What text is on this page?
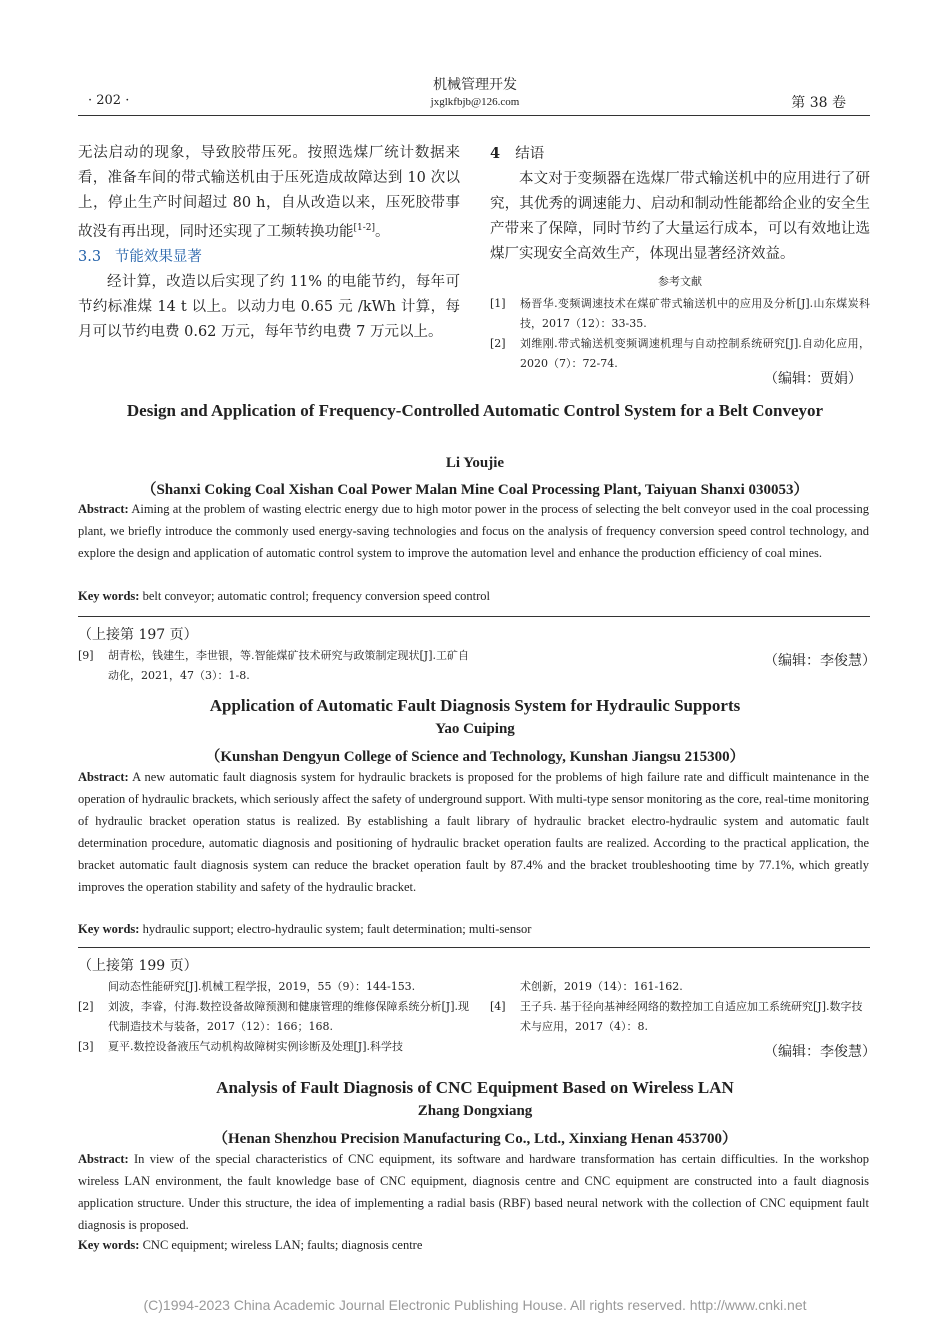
· 202 ·
机械管理开发
jxglkfbjb@126.com	第 38 卷

无法启动的现象，导致胶带压死。按照选煤厂统计数据来看，准备车间的带式输送机由于压死造成故障达到 10 次以上，停止生产时间超过 80 h，自从改造以来，压死胶带事故没有再出现，同时还实现了工频转换功能[1-2]。

3.3 节能效果显著

经计算，改造以后实现了约 11% 的电能节约，每年可节约标准煤 14 t 以上。以动力电 0.65 元 /kWh 计算，每月可以节约电费 0.62 万元，每年节约电费 7 万元以上。

4 结语

本文对于变频器在选煤厂带式输送机中的应用进行了研究，其优秀的调速能力、启动和制动性能都给企业的安全生产带来了保障，同时节约了大量运行成本，可以有效地让选煤厂实现安全高效生产，体现出显著经济效益。

参考文献
[1]	杨晋华.变频调速技术在煤矿带式输送机中的应用及分析[J].山东煤炭科技，2017（12）：33-35.
[2]	刘维刚.带式输送机变频调速机理与自动控制系统研究[J].自动化应用，2020（7）：72-74.
（编辑：贾娟）
Design and Application of Frequency-Controlled Automatic Control System for a Belt Conveyor
Li Youjie
（Shanxi Coking Coal Xishan Coal Power Malan Mine Coal Processing Plant, Taiyuan Shanxi 030053）
Abstract: Aiming at the problem of wasting electric energy due to high motor power in the process of selecting the belt conveyor used in the coal processing plant, we briefly introduce the commonly used energy-saving technologies and focus on the analysis of frequency conversion speed control technology, and explore the design and application of automatic control system to improve the automation level and enhance the production efficiency of coal mines.
Key words: belt conveyor; automatic control; frequency conversion speed control
（上接第 197 页）
[9]	胡青松，钱建生，李世银，等.智能煤矿技术研究与政策制定现状[J].工矿自动化，2021，47（3）：1-8.
（编辑：李俊慧）
Application of Automatic Fault Diagnosis System for Hydraulic Supports
Yao Cuiping
（Kunshan Dengyun College of Science and Technology, Kunshan Jiangsu 215300）
Abstract: A new automatic fault diagnosis system for hydraulic brackets is proposed for the problems of high failure rate and difficult maintenance in the operation of hydraulic brackets, which seriously affect the safety of underground support. With multi-type sensor monitoring as the core, real-time monitoring of hydraulic bracket operation status is realized. By establishing a fault library of hydraulic bracket electro-hydraulic system and automatic fault determination procedure, automatic diagnosis and positioning of hydraulic bracket operation faults are realized. According to the practical application, the bracket automatic fault diagnosis system can reduce the bracket operation fault by 87.4% and the bracket troubleshooting time by 77.1%, which greatly improves the operation stability and safety of the hydraulic bracket.
Key words: hydraulic support; electro-hydraulic system; fault determination; multi-sensor
（上接第 199 页）
间动态性能研究[J].机械工程学报，2019，55（9）：144-153.
[2]	刘波，李睿，付海.数控设备故障预测和健康管理的维修保障系统分析[J].现代制造技术与装备，2017（12）：166；168.
[3]	夏平.数控设备液压气动机构故障树实例诊断及处理[J].科学技
术创新，2019（14）：161-162.
[4]	王子兵. 基于径向基神经网络的数控加工自适应加工系统研究[J].数字技术与应用，2017（4）：8.
（编辑：李俊慧）
Analysis of Fault Diagnosis of CNC Equipment Based on Wireless LAN
Zhang Dongxiang
（Henan Shenzhou Precision Manufacturing Co., Ltd., Xinxiang Henan 453700）
Abstract: In view of the special characteristics of CNC equipment, its software and hardware transformation has certain difficulties. In the workshop wireless LAN environment, the fault knowledge base of CNC equipment, diagnosis centre and CNC equipment are constructed into a fault diagnosis application structure. Under this structure, the idea of implementing a radial basis (RBF) based neural network with the collection of CNC equipment fault diagnosis is proposed.
Key words: CNC equipment; wireless LAN; faults; diagnosis centre
(C)1994-2023 China Academic Journal Electronic Publishing House. All rights reserved. http://www.cnki.net
